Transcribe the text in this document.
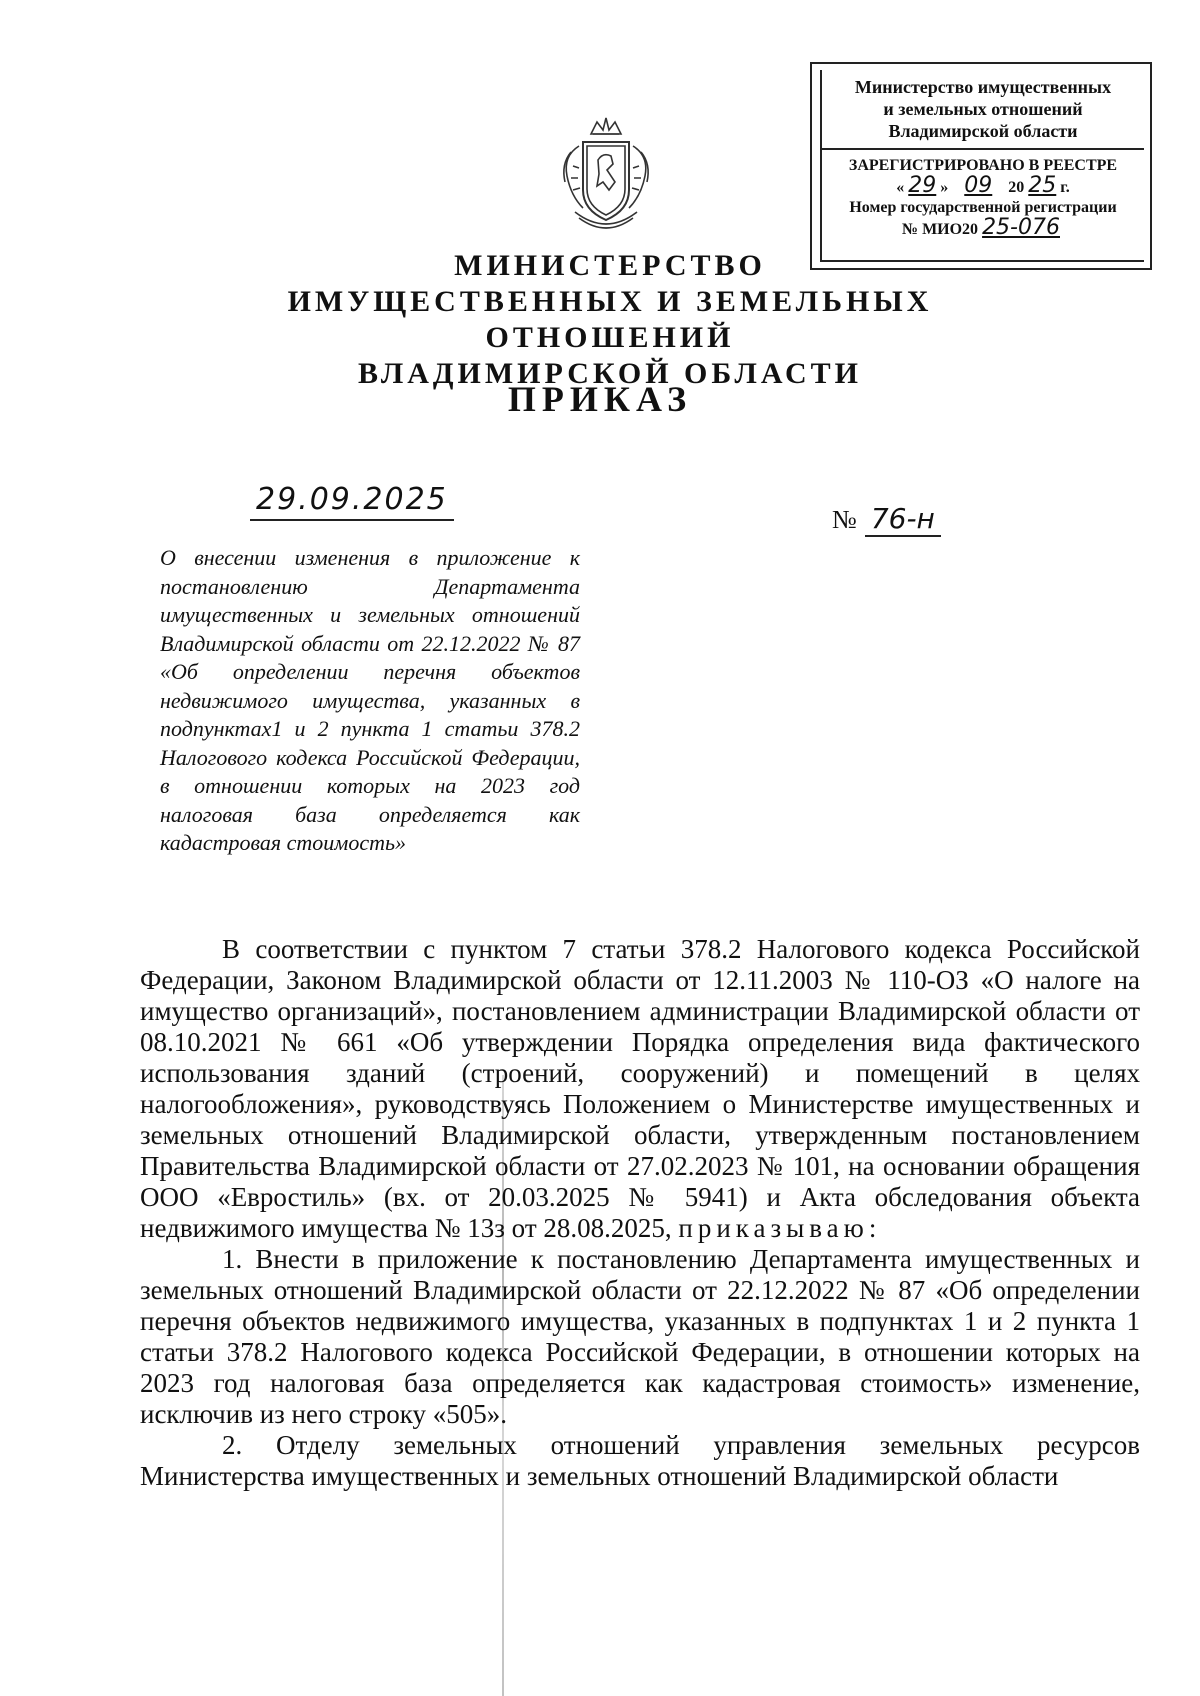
Министерство имущественных
и земельных отношений
Владимирской области
ЗАРЕГИСТРИРОВАНО В РЕЕСТРЕ
« 29 » 09 20 25 г.
Номер государственной регистрации
№ МИО20 25-076
МИНИСТЕРСТВО
ИМУЩЕСТВЕННЫХ И ЗЕМЕЛЬНЫХ ОТНОШЕНИЙ
ВЛАДИМИРСКОЙ ОБЛАСТИ
ПРИКАЗ
29.09.2025
№ 76-н
О внесении изменения в приложение к постановлению Департамента имущественных и земельных отношений Владимирской области от 22.12.2022 № 87 «Об определении перечня объектов недвижимого имущества, указанных в подпунктах1 и 2 пункта 1 статьи 378.2 Налогового кодекса Российской Федерации, в отношении которых на 2023 год налоговая база определяется как кадастровая стоимость»

В соответствии с пунктом 7 статьи 378.2 Налогового кодекса Российской Федерации, Законом Владимирской области от 12.11.2003 № 110-ОЗ «О налоге на имущество организаций», постановлением администрации Владимирской области от 08.10.2021 № 661 «Об утверждении Порядка определения вида фактического использования зданий (строений, сооружений) и помещений в целях налогообложения», руководствуясь Положением о Министерстве имущественных и земельных отношений Владимирской области, утвержденным постановлением Правительства Владимирской области от 27.02.2023 № 101, на основании обращения ООО «Евростиль» (вх. от 20.03.2025 № 5941) и Акта обследования объекта недвижимого имущества № 13з от 28.08.2025, приказываю:

1. Внести в приложение к постановлению Департамента имущественных и земельных отношений Владимирской области от 22.12.2022 № 87 «Об определении перечня объектов недвижимого имущества, указанных в подпунктах 1 и 2 пункта 1 статьи 378.2 Налогового кодекса Российской Федерации, в отношении которых на 2023 год налоговая база определяется как кадастровая стоимость» изменение, исключив из него строку «505».

2. Отделу земельных отношений управления земельных ресурсов Министерства имущественных и земельных отношений Владимирской области
